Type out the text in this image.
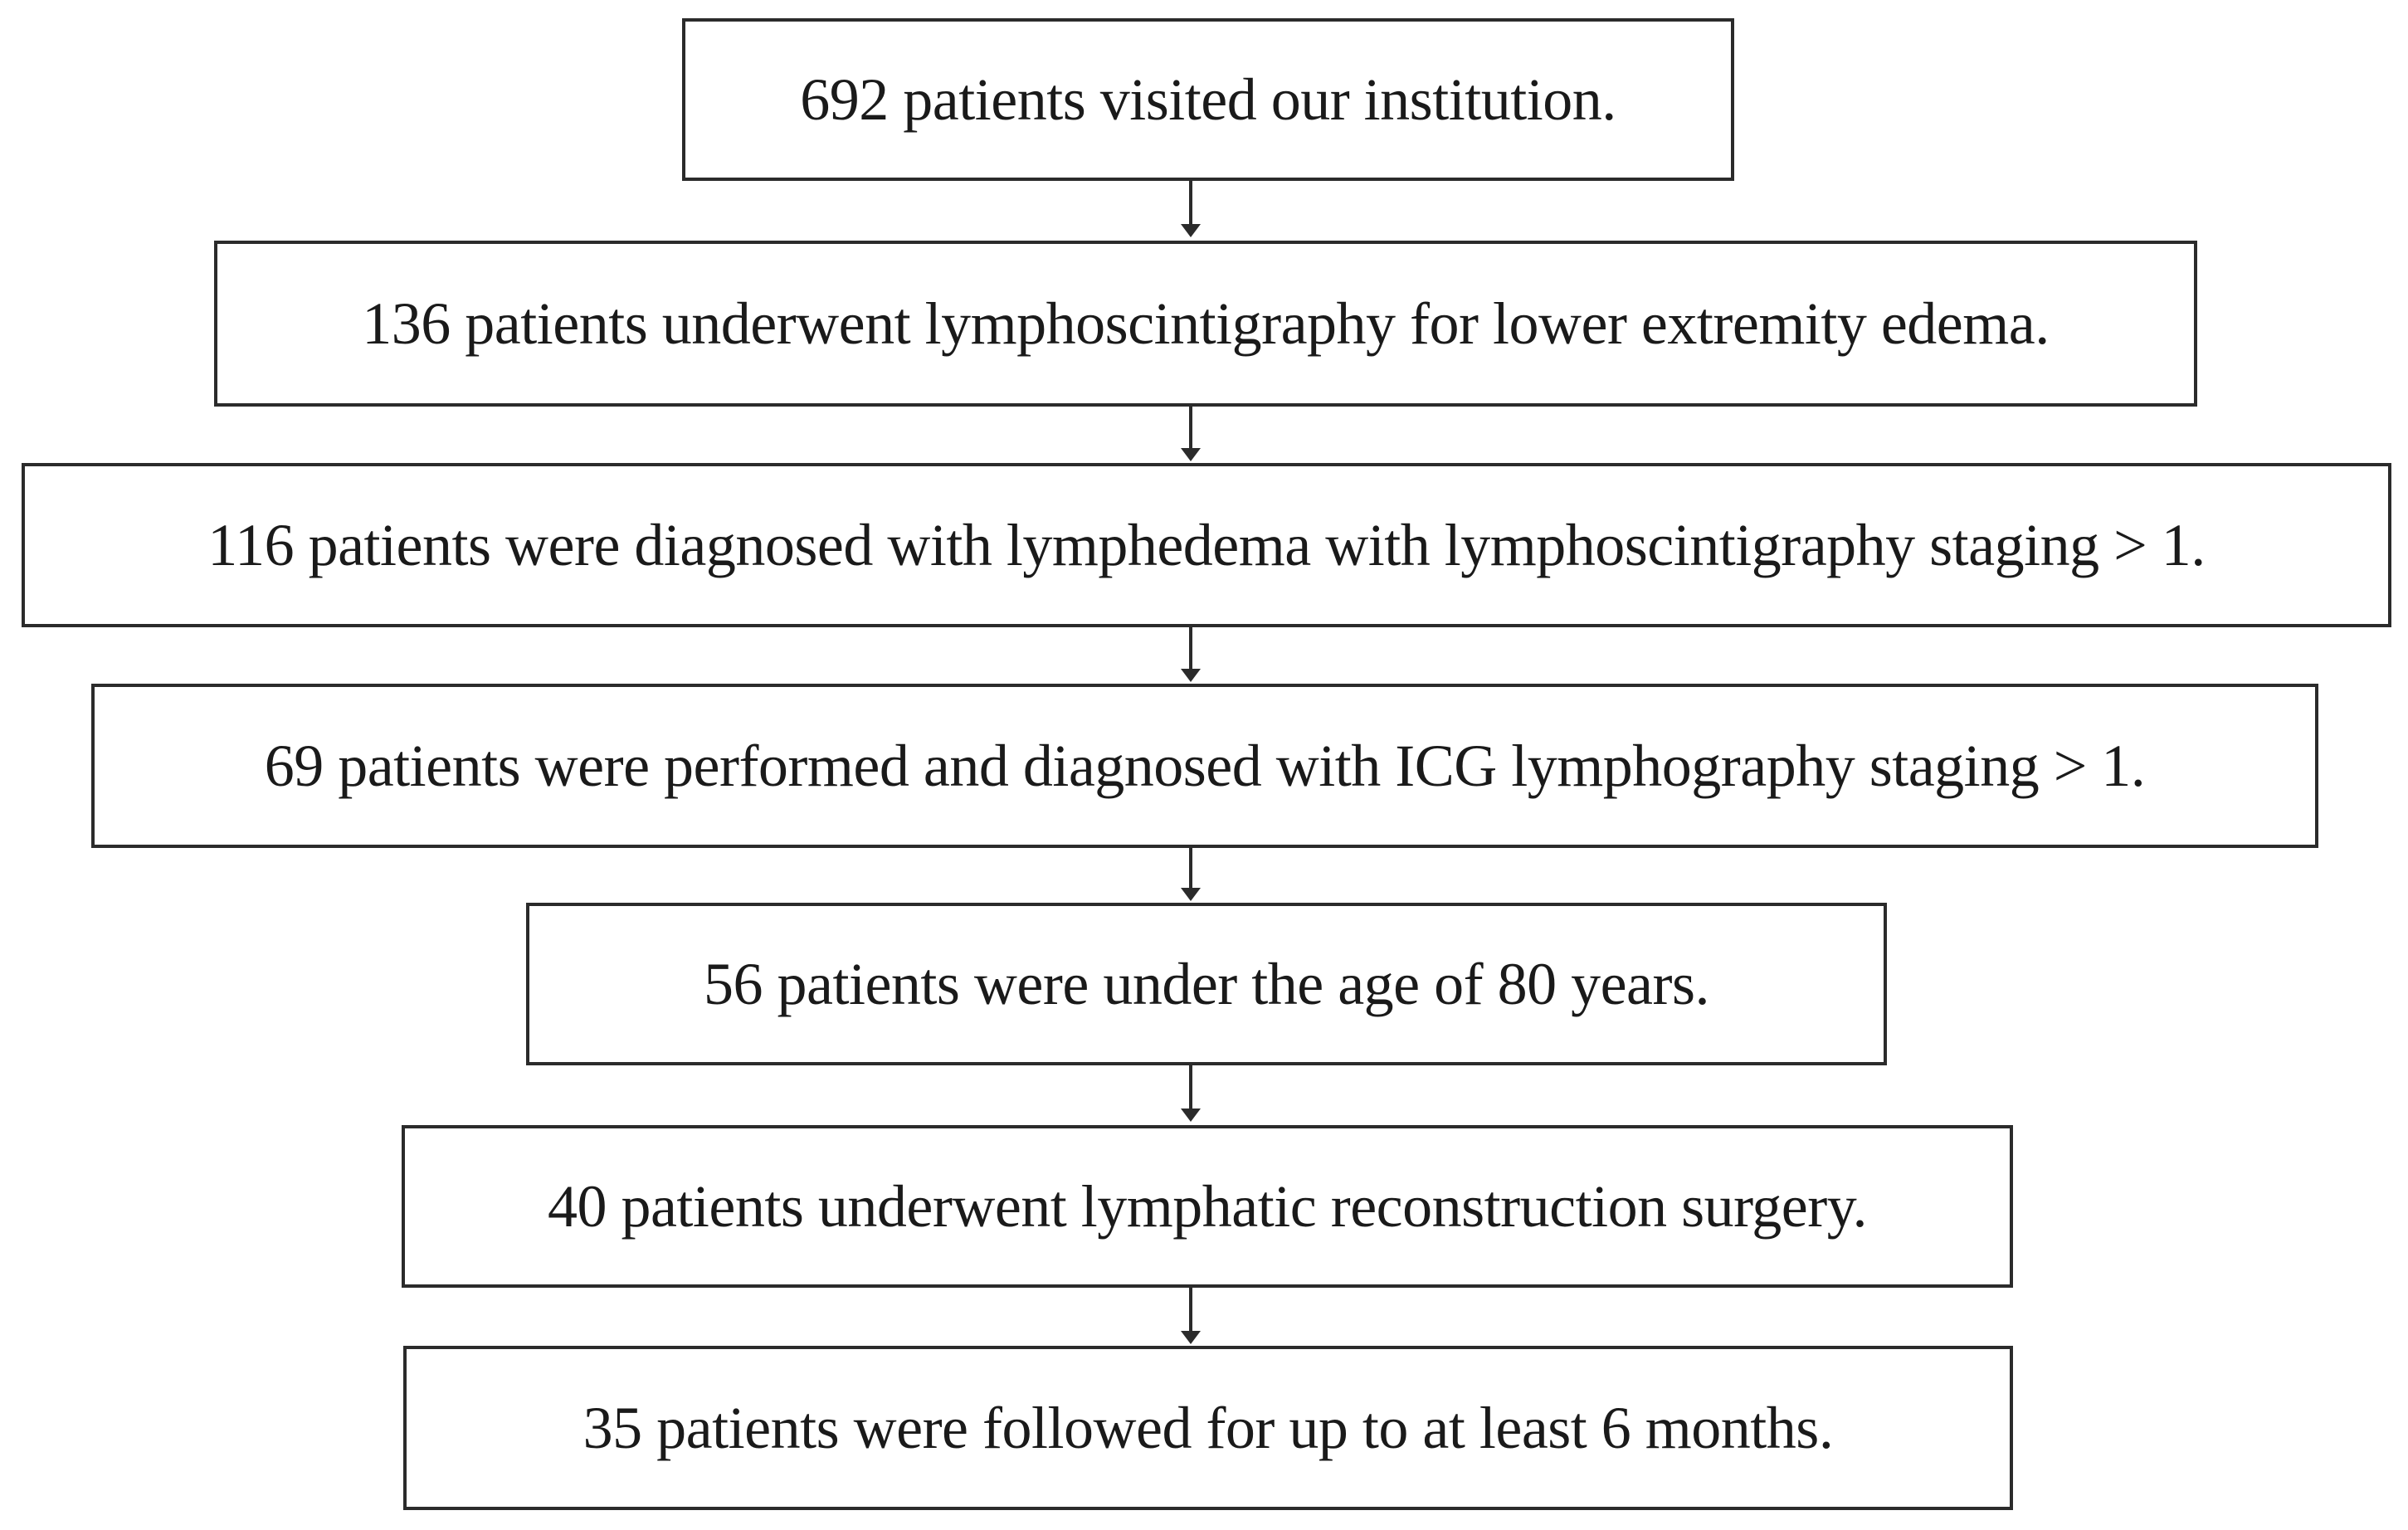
692 patients visited our institution.
136 patients underwent lymphoscintigraphy for lower extremity edema.
116 patients were diagnosed with lymphedema with lymphoscintigraphy staging > 1.
69 patients were performed and diagnosed with ICG lymphography staging > 1.
56 patients were under the age of 80 years.
40 patients underwent lymphatic reconstruction surgery.
35 patients were followed for up to at least 6 months.
